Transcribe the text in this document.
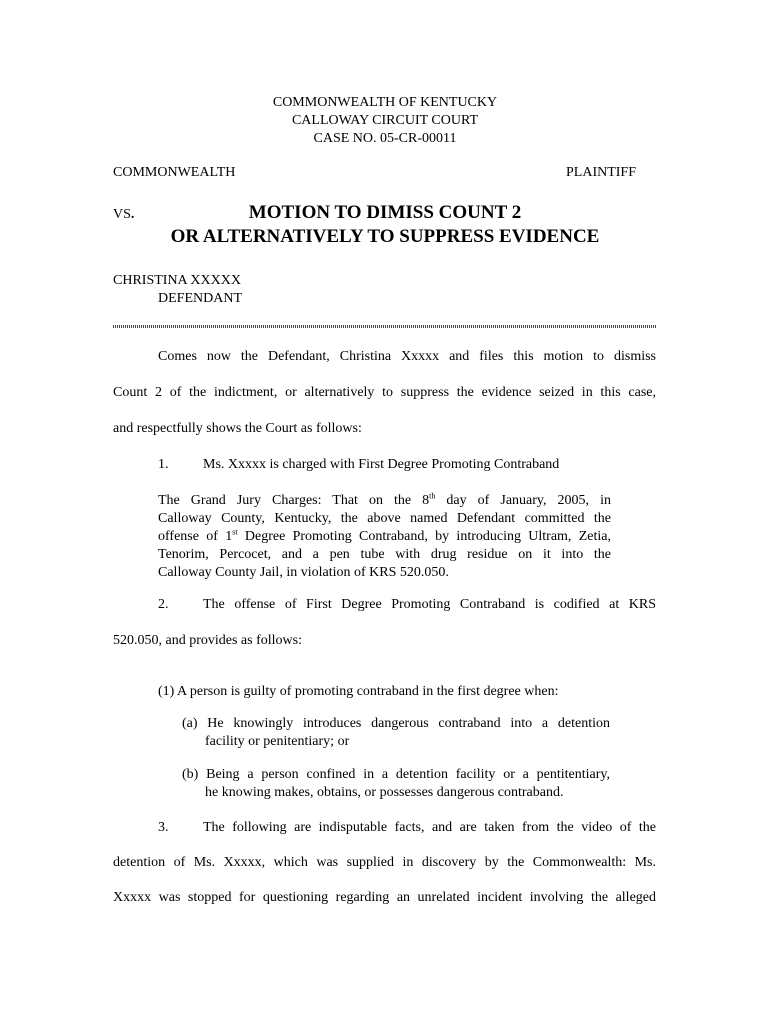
COMMONWEALTH OF KENTUCKY
CALLOWAY CIRCUIT COURT
CASE NO. 05-CR-00011
COMMONWEALTH	PLAINTIFF
VS.	MOTION TO DIMISS COUNT 2
OR ALTERNATIVELY TO SUPPRESS EVIDENCE
CHRISTINA XXXXX
DEFENDANT
Comes now the Defendant, Christina Xxxxx and files this motion to dismiss
Count 2 of the indictment, or alternatively to suppress the evidence seized in this case,
and respectfully shows the Court as follows:
1. Ms. Xxxxx is charged with First Degree Promoting Contraband
The Grand Jury Charges: That on the 8th day of January, 2005, in
Calloway County, Kentucky, the above named Defendant committed the
offense of 1st Degree Promoting Contraband, by introducing Ultram, Zetia,
Tenorim, Percocet, and a pen tube with drug residue on it into the
Calloway County Jail, in violation of KRS 520.050.
2. The offense of First Degree Promoting Contraband is codified at KRS
520.050, and provides as follows:
(1) A person is guilty of promoting contraband in the first degree when:
(a) He knowingly introduces dangerous contraband into a detention
facility or penitentiary; or
(b) Being a person confined in a detention facility or a pentitentiary,
he knowing makes, obtains, or possesses dangerous contraband.
3. The following are indisputable facts, and are taken from the video of the
detention of Ms. Xxxxx, which was supplied in discovery by the Commonwealth: Ms.
Xxxxx was stopped for questioning regarding an unrelated incident involving the alleged
